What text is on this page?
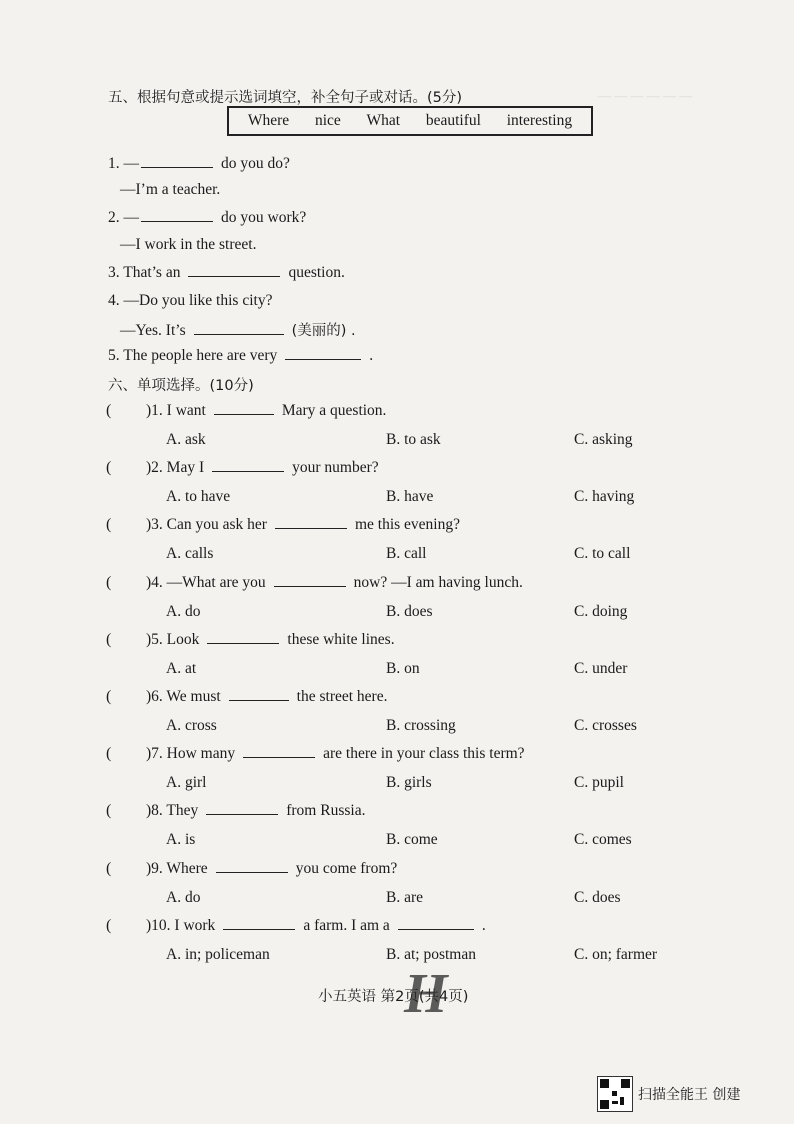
— — — — — —
五、根据句意或提示选词填空，补全句子或对话。(5分)
Where nice What beautiful interesting
1. —	do you do?
—I’m a teacher.
2. —	do you work?
—I work in the street.
3. That’s an	question.
4. —Do you like this city?
—Yes. It’s	(美丽的) .
5. The people here are very	.
六、单项选择。(10分)
( )1. I want	Mary a question.
A. ask	B. to ask	C. asking
( )2. May I	your number?
A. to have	B. have	C. having
( )3. Can you ask her	me this evening?
A. calls	B. call	C. to call
( )4. —What are you	now? —I am having lunch.
A. do	B. does	C. doing
( )5. Look	these white lines.
A. at	B. on	C. under
( )6. We must	the street here.
A. cross	B. crossing	C. crosses
( )7. How many	are there in your class this term?
A. girl	B. girls	C. pupil
( )8. They	from Russia.
A. is	B. come	C. comes
( )9. Where	you come from?
A. do	B. are	C. does
( )10. I work	a farm. I am a	.
A. in; policeman	B. at; postman	C. on; farmer
小五英语 第2页(共4页)
H
扫描全能王 创建
